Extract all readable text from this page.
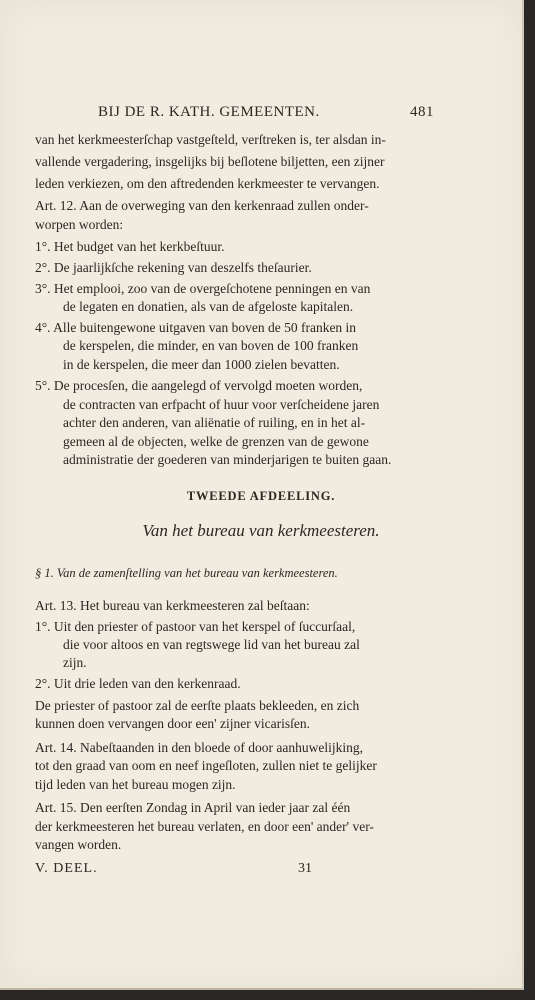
BIJ DE R. KATH. GEMEENTEN.	481
van het kerkmeesterſchap vastgeſteld, verſtreken is, ter alsdan in-
vallende vergadering, insgelijks bij beſlotene biljetten, een zijner
leden verkiezen, om den aftredenden kerkmeester te vervangen.
Art. 12. Aan de overweging van den kerkenraad zullen onder-
worpen worden:
1°. Het budget van het kerkbeſtuur.
2°. De jaarlijkſche rekening van deszelfs theſaurier.
3°. Het emplooi, zoo van de overgeſchotene penningen en van
de legaten en donatien, als van de afgeloste kapitalen.
4°. Alle buitengewone uitgaven van boven de 50 franken in
de kerspelen, die minder, en van boven de 100 franken
in de kerspelen, die meer dan 1000 zielen bevatten.
5°. De procesſen, die aangelegd of vervolgd moeten worden,
de contracten van erfpacht of huur voor verſcheidene jaren
achter den anderen, van aliënatie of ruiling, en in het al-
gemeen al de objecten, welke de grenzen van de gewone
administratie der goederen van minderjarigen te buiten gaan.
TWEEDE AFDEELING.
Van het bureau van kerkmeesteren.
§ 1. Van de zamenſtelling van het bureau van kerkmeesteren.
Art. 13. Het bureau van kerkmeesteren zal beſtaan:
1°. Uit den priester of pastoor van het kerspel of ſuccurſaal,
die voor altoos en van regtswege lid van het bureau zal
zijn.
2°. Uit drie leden van den kerkenraad.
De priester of pastoor zal de eerſte plaats bekleeden, en zich
kunnen doen vervangen door een' zijner vicarisſen.
Art. 14. Nabeſtaanden in den bloede of door aanhuwelijking,
tot den graad van oom en neef ingeſloten, zullen niet te gelijker
tijd leden van het bureau mogen zijn.
Art. 15. Den eerſten Zondag in April van ieder jaar zal één
der kerkmeesteren het bureau verlaten, en door een' ander' ver-
vangen worden.
V. DEEL.	31
